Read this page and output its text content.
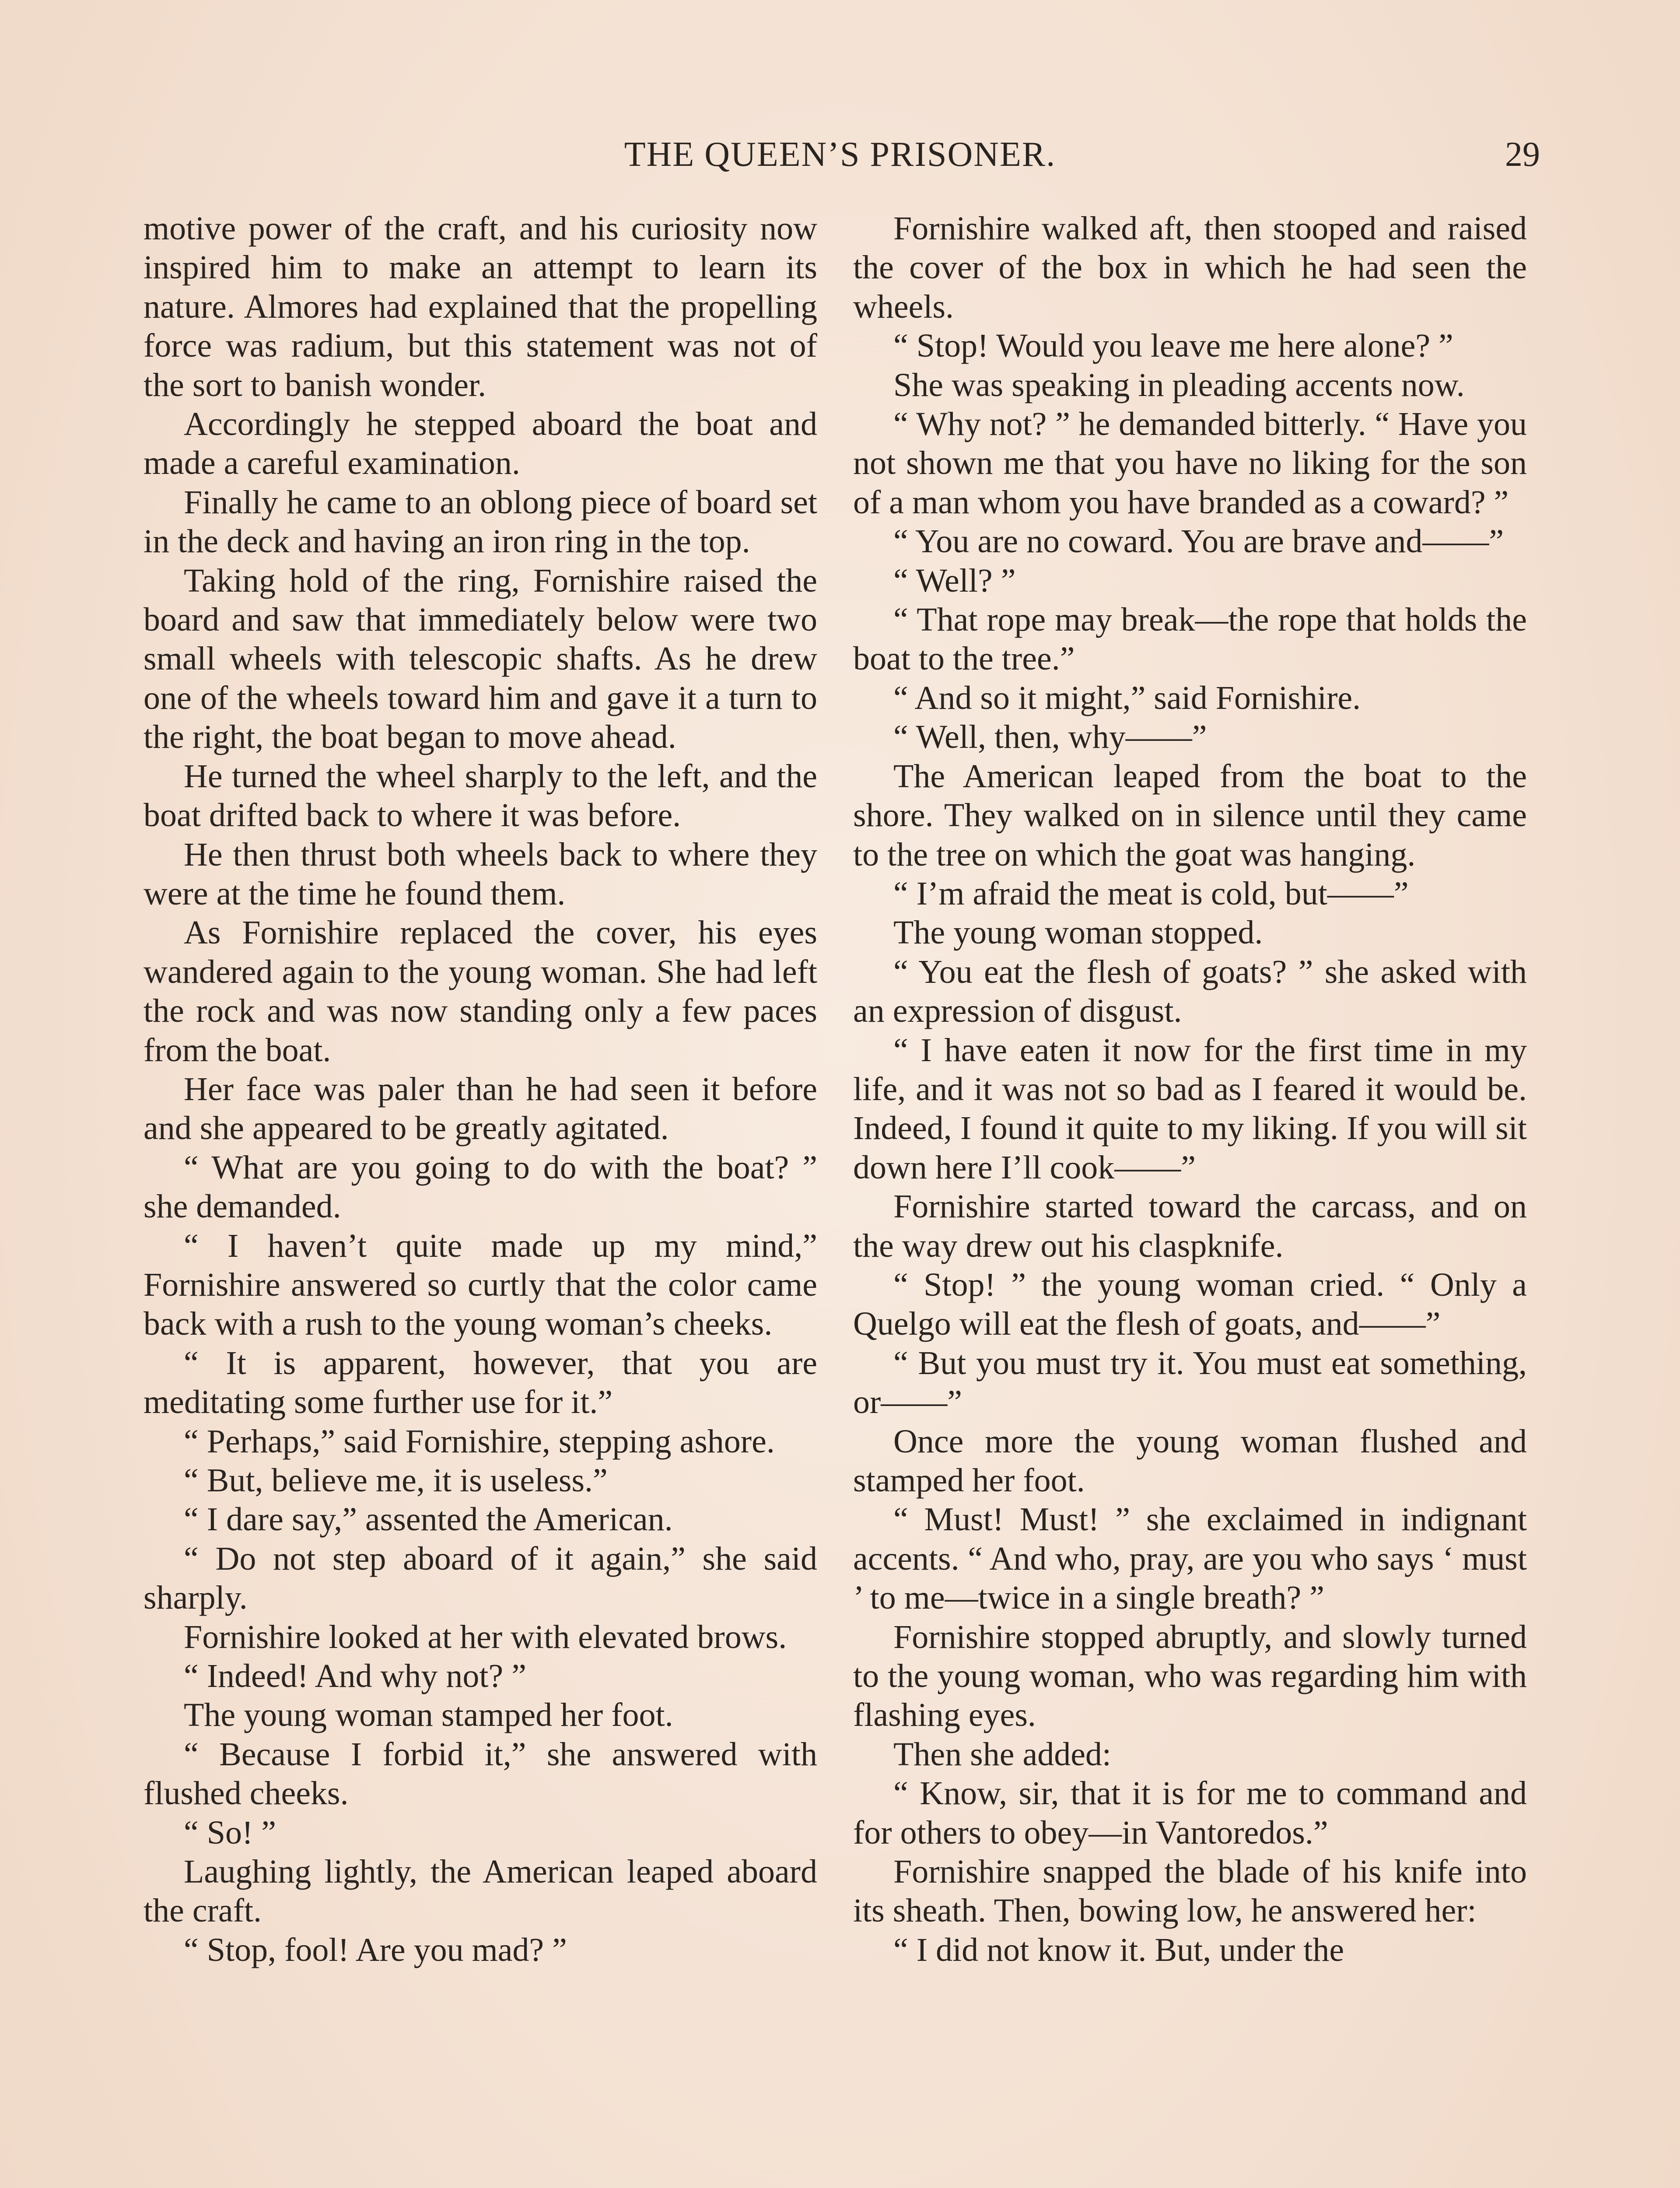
THE QUEEN’S PRISONER.	29

motive power of the craft, and his curiosity now inspired him to make an attempt to learn its nature. Almores had explained that the propelling force was radium, but this statement was not of the sort to banish wonder.

Accordingly he stepped aboard the boat and made a careful examination.

Finally he came to an oblong piece of board set in the deck and having an iron ring in the top.

Taking hold of the ring, Fornishire raised the board and saw that immediately below were two small wheels with telescopic shafts. As he drew one of the wheels toward him and gave it a turn to the right, the boat began to move ahead.

He turned the wheel sharply to the left, and the boat drifted back to where it was before.

He then thrust both wheels back to where they were at the time he found them.

As Fornishire replaced the cover, his eyes wandered again to the young woman. She had left the rock and was now standing only a few paces from the boat.

Her face was paler than he had seen it before and she appeared to be greatly agitated.

“ What are you going to do with the boat? ” she demanded.

“ I haven’t quite made up my mind,” Fornishire answered so curtly that the color came back with a rush to the young woman’s cheeks.

“ It is apparent, however, that you are meditating some further use for it.”

“ Perhaps,” said Fornishire, stepping ashore.

“ But, believe me, it is useless.”

“ I dare say,” assented the American.

“ Do not step aboard of it again,” she said sharply.

Fornishire looked at her with elevated brows.

“ Indeed! And why not? ”

The young woman stamped her foot.

“ Because I forbid it,” she answered with flushed cheeks.

“ So! ”

Laughing lightly, the American leaped aboard the craft.

“ Stop, fool! Are you mad? ”

Fornishire walked aft, then stooped and raised the cover of the box in which he had seen the wheels.

“ Stop! Would you leave me here alone? ”

She was speaking in pleading accents now.

“ Why not? ” he demanded bitterly. “ Have you not shown me that you have no liking for the son of a man whom you have branded as a coward? ”

“ You are no coward. You are brave and——”

“ Well? ”

“ That rope may break—the rope that holds the boat to the tree.”

“ And so it might,” said Fornishire.

“ Well, then, why——”

The American leaped from the boat to the shore. They walked on in silence until they came to the tree on which the goat was hanging.

“ I’m afraid the meat is cold, but——”

The young woman stopped.

“ You eat the flesh of goats? ” she asked with an expression of disgust.

“ I have eaten it now for the first time in my life, and it was not so bad as I feared it would be. Indeed, I found it quite to my liking. If you will sit down here I’ll cook——”

Fornishire started toward the carcass, and on the way drew out his claspknife.

“ Stop! ” the young woman cried. “ Only a Quelgo will eat the flesh of goats, and——”

“ But you must try it. You must eat something, or——”

Once more the young woman flushed and stamped her foot.

“ Must! Must! ” she exclaimed in indignant accents. “ And who, pray, are you who says ‘ must ’ to me—twice in a single breath? ”

Fornishire stopped abruptly, and slowly turned to the young woman, who was regarding him with flashing eyes.

Then she added:

“ Know, sir, that it is for me to command and for others to obey—in Vantoredos.”

Fornishire snapped the blade of his knife into its sheath. Then, bowing low, he answered her:

“ I did not know it. But, under the
